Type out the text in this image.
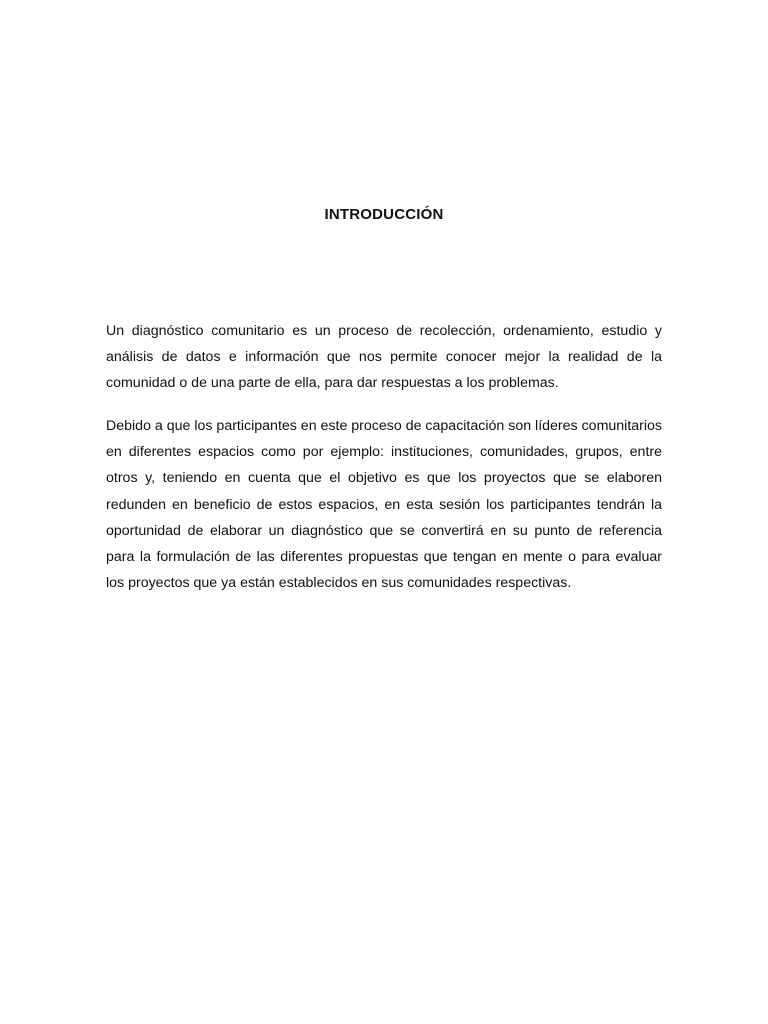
INTRODUCCIÓN

Un diagnóstico comunitario es un proceso de recolección, ordenamiento, estudio y análisis de datos e información que nos permite conocer mejor la realidad de la comunidad o de una parte de ella, para dar respuestas a los problemas.

Debido a que los participantes en este proceso de capacitación son líderes comunitarios en diferentes espacios como por ejemplo: instituciones, comunidades, grupos, entre otros y, teniendo en cuenta que el objetivo es que los proyectos que se elaboren redunden en beneficio de estos espacios, en esta sesión los participantes tendrán la oportunidad de elaborar un diagnóstico que se convertirá en su punto de referencia para la formulación de las diferentes propuestas que tengan en mente o para evaluar los proyectos que ya están establecidos en sus comunidades respectivas.
